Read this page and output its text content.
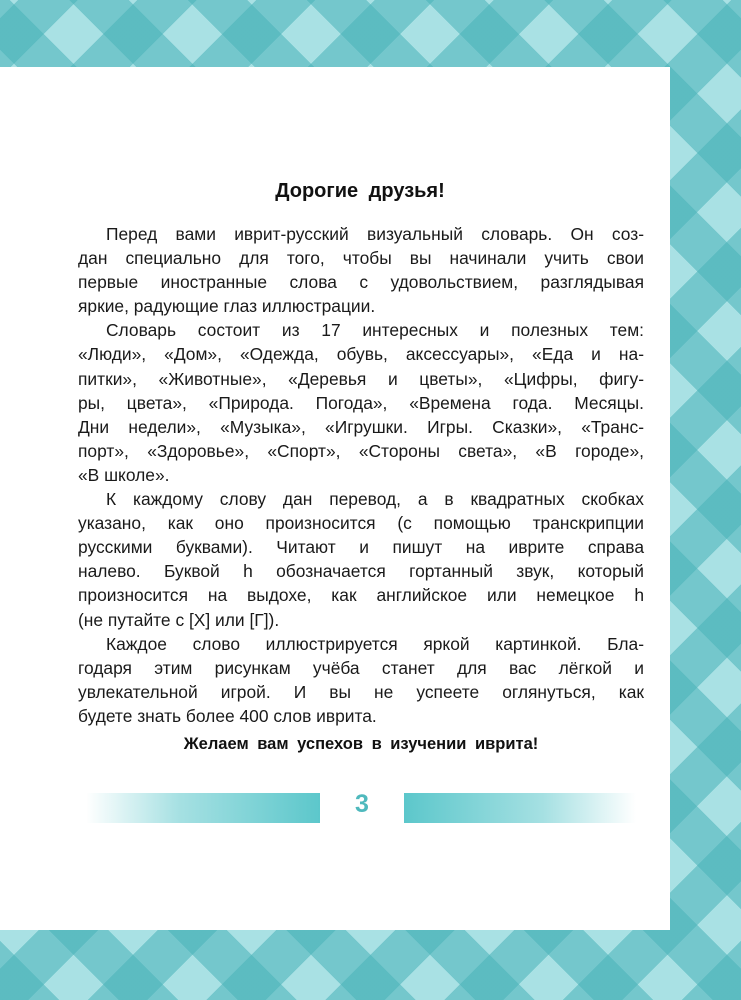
Дорогие друзья!

Перед вами иврит-русский визуальный словарь. Он соз-
дан специально для того, чтобы вы начинали учить свои
первые иностранные слова с удовольствием, разглядывая
яркие, радующие глаз иллюстрации.

Словарь состоит из 17 интересных и полезных тем:
«Люди», «Дом», «Одежда, обувь, аксессуары», «Еда и на-
питки», «Животные», «Деревья и цветы», «Цифры, фигу-
ры, цвета», «Природа. Погода», «Времена года. Месяцы.
Дни недели», «Музыка», «Игрушки. Игры. Сказки», «Транс-
порт», «Здоровье», «Спорт», «Стороны света», «В городе»,
«В школе».

К каждому слову дан перевод, а в квадратных скобках
указано, как оно произносится (с помощью транскрипции
русскими буквами). Читают и пишут на иврите справа
налево. Буквой h обозначается гортанный звук, который
произносится на выдохе, как английское или немецкое h
(не путайте с [Х] или [Г]).

Каждое слово иллюстрируется яркой картинкой. Бла-
годаря этим рисункам учёба станет для вас лёгкой и
увлекательной игрой. И вы не успеете оглянуться, как
будете знать более 400 слов иврита.

Желаем вам успехов в изучении иврита!

3
